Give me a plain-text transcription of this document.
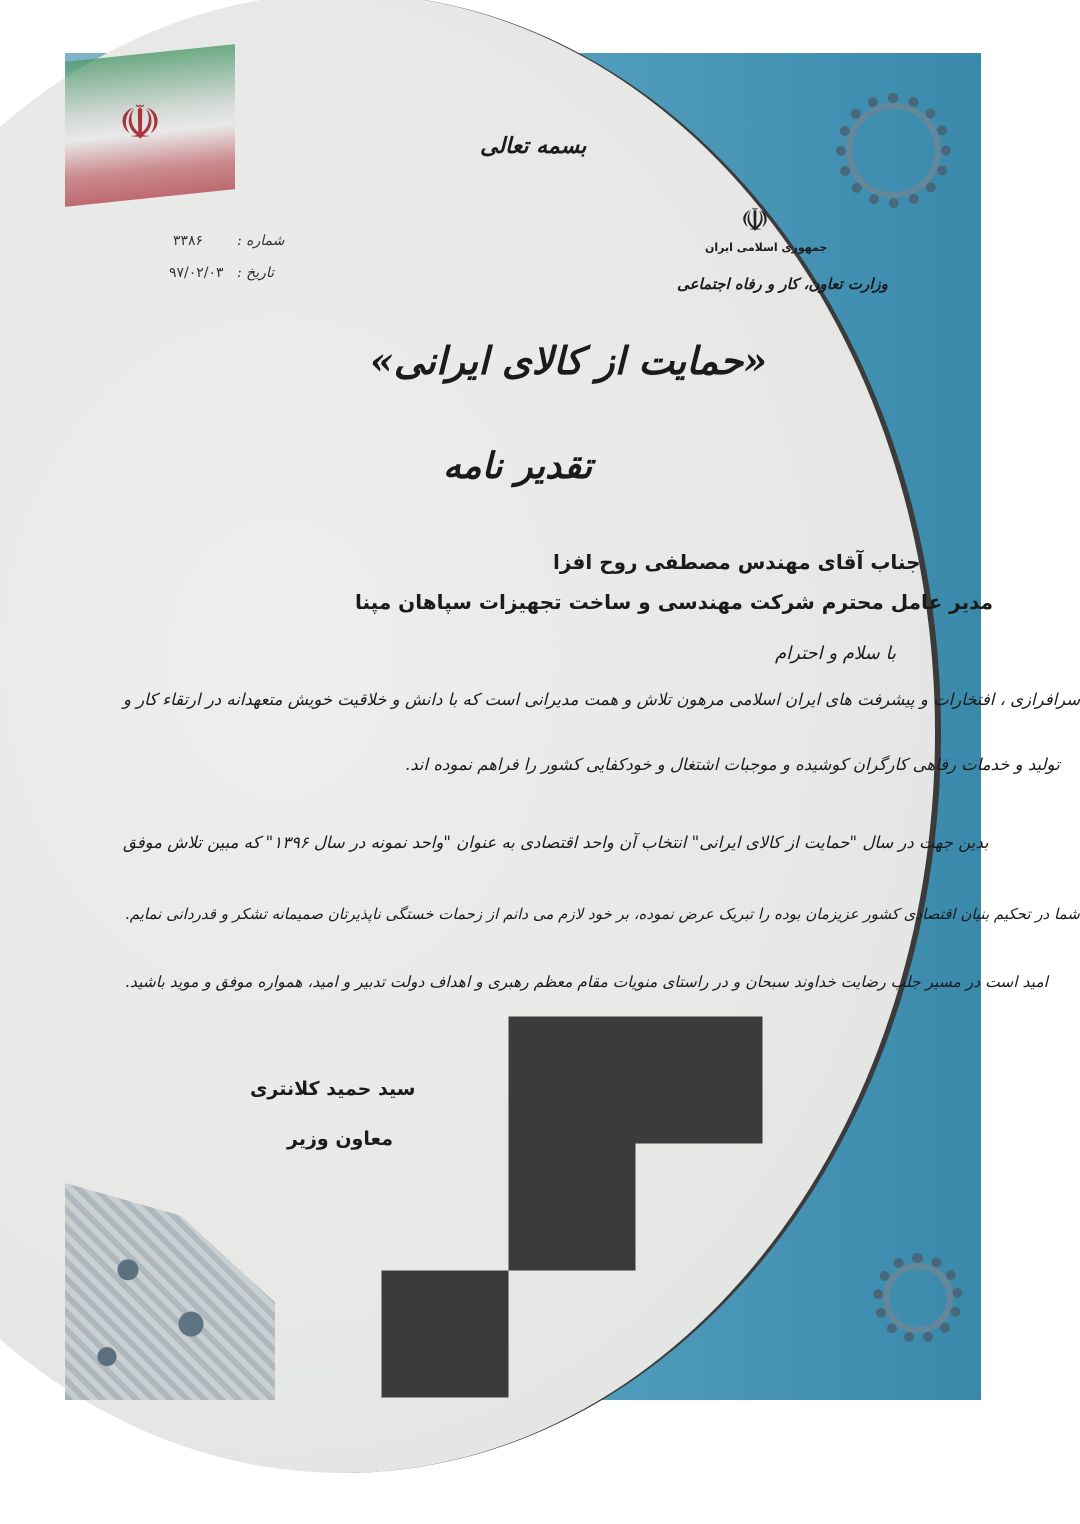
☫	بسمه تعالی
☫
جمهوری اسلامی ایران
وزارت تعاون، کار و رفاه اجتماعی
شماره :
۳۳۸۶
تاریخ :
۹۷/۰۲/۰۳
«حمایت از کالای ایرانی»
تقدیر نامه
جناب آقای مهندس مصطفی روح افزا
مدیر عامل محترم شرکت مهندسی و ساخت تجهیزات سپاهان مپنا
با سلام و احترام
سرافرازی ، افتخارات و پیشرفت های ایران اسلامی مرهون تلاش و همت مدیرانی است که با دانش و خلاقیت خویش متعهدانه در ارتقاء کار و
تولید و خدمات رفاهی کارگران کوشیده و موجبات اشتغال و خودکفایی کشور را فراهم نموده اند.
بدین جهت در سال "حمایت از کالای ایرانی" انتخاب آن واحد اقتصادی به عنوان "واحد نمونه در سال ۱۳۹۶" که مبین تلاش موفق
شما در تحکیم بنیان اقتصادی کشور عزیزمان بوده را تبریک عرض نموده، بر خود لازم می دانم از زحمات خستگی ناپذیرتان صمیمانه تشکر و قدردانی نمایم.
امید است در مسیر جلب رضایت خداوند سبحان و در راستای منویات مقام معظم رهبری و اهداف دولت تدبیر و امید، همواره موفق و موید باشید.
سید حمید کلانتری
معاون وزیر
